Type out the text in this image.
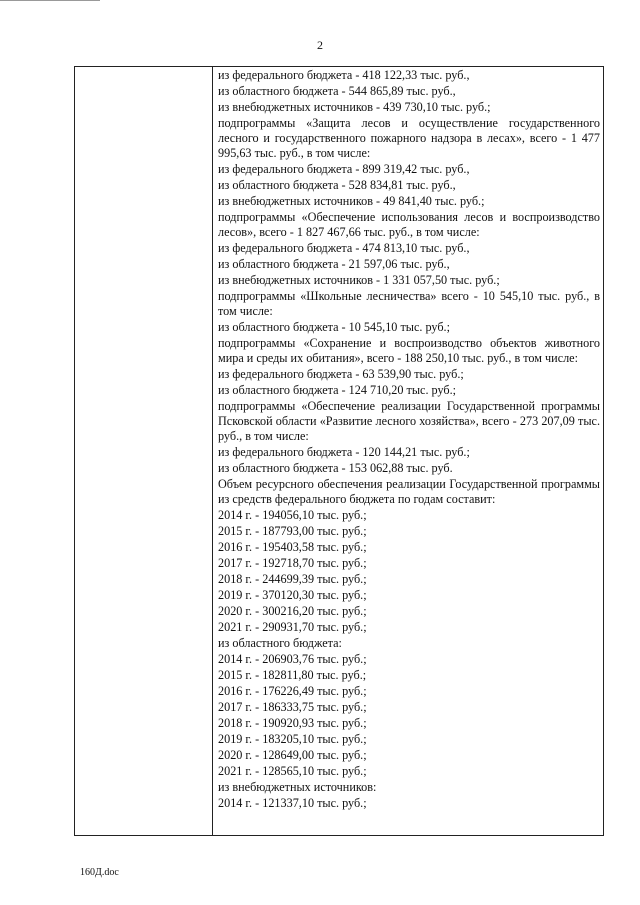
2

из федерального бюджета - 418 122,33 тыс. руб.,

из областного бюджета - 544 865,89 тыс. руб.,

из внебюджетных источников - 439 730,10 тыс. руб.;

подпрограммы «Защита лесов и осуществление государственного лесного и государственного пожарного надзора в лесах», всего - 1 477 995,63 тыс. руб., в том числе:

из федерального бюджета - 899 319,42 тыс. руб.,

из областного бюджета - 528 834,81 тыс. руб.,

из внебюджетных источников - 49 841,40 тыс. руб.;

подпрограммы «Обеспечение использования лесов и воспроизводство лесов», всего - 1 827 467,66 тыс. руб., в том числе:

из федерального бюджета - 474 813,10 тыс. руб.,

из областного бюджета - 21 597,06 тыс. руб.,

из внебюджетных источников - 1 331 057,50 тыс. руб.;

подпрограммы «Школьные лесничества» всего - 10 545,10 тыс. руб., в том числе:

из областного бюджета - 10 545,10 тыс. руб.;

подпрограммы «Сохранение и воспроизводство объектов животного мира и среды их обитания», всего - 188 250,10 тыс. руб., в том числе:

из федерального бюджета - 63 539,90 тыс. руб.;

из областного бюджета - 124 710,20 тыс. руб.;

подпрограммы «Обеспечение реализации Государственной программы Псковской области «Развитие лесного хозяйства», всего - 273 207,09 тыс. руб., в том числе:

из федерального бюджета - 120 144,21 тыс. руб.;

из областного бюджета - 153 062,88 тыс. руб.

Объем ресурсного обеспечения реализации Государственной программы из средств федерального бюджета по годам составит:

2014 г. - 194056,10 тыс. руб.;

2015 г. - 187793,00 тыс. руб.;

2016 г. - 195403,58 тыс. руб.;

2017 г. - 192718,70 тыс. руб.;

2018 г. - 244699,39 тыс. руб.;

2019 г. - 370120,30 тыс. руб.;

2020 г. - 300216,20 тыс. руб.;

2021 г. - 290931,70 тыс. руб.;

из областного бюджета:

2014 г. - 206903,76 тыс. руб.;

2015 г. - 182811,80 тыс. руб.;

2016 г. - 176226,49 тыс. руб.;

2017 г. - 186333,75 тыс. руб.;

2018 г. - 190920,93 тыс. руб.;

2019 г. - 183205,10 тыс. руб.;

2020 г. - 128649,00 тыс. руб.;

2021 г. - 128565,10 тыс. руб.;

из внебюджетных источников:

2014 г. - 121337,10 тыс. руб.;

160Д.doc
